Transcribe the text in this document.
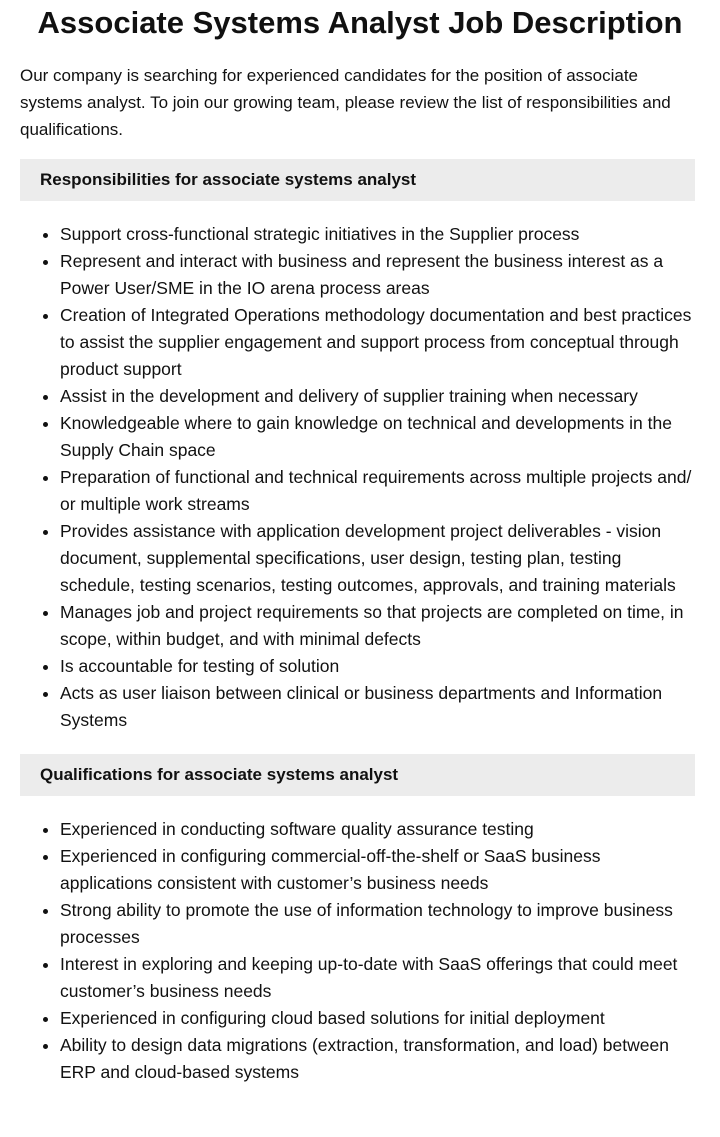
Associate Systems Analyst Job Description

Our company is searching for experienced candidates for the position of associate systems analyst. To join our growing team, please review the list of responsibilities and qualifications.

Responsibilities for associate systems analyst
• Support cross-functional strategic initiatives in the Supplier process
• Represent and interact with business and represent the business interest as a Power User/SME in the IO arena process areas
• Creation of Integrated Operations methodology documentation and best practices to assist the supplier engagement and support process from conceptual through product support
• Assist in the development and delivery of supplier training when necessary
• Knowledgeable where to gain knowledge on technical and developments in the Supply Chain space
• Preparation of functional and technical requirements across multiple projects and/ or multiple work streams
• Provides assistance with application development project deliverables - vision document, supplemental specifications, user design, testing plan, testing schedule, testing scenarios, testing outcomes, approvals, and training materials
• Manages job and project requirements so that projects are completed on time, in scope, within budget, and with minimal defects
• Is accountable for testing of solution
• Acts as user liaison between clinical or business departments and Information Systems
Qualifications for associate systems analyst
• Experienced in conducting software quality assurance testing
• Experienced in configuring commercial-off-the-shelf or SaaS business applications consistent with customer’s business needs
• Strong ability to promote the use of information technology to improve business processes
• Interest in exploring and keeping up-to-date with SaaS offerings that could meet customer’s business needs
• Experienced in configuring cloud based solutions for initial deployment
• Ability to design data migrations (extraction, transformation, and load) between ERP and cloud-based systems
